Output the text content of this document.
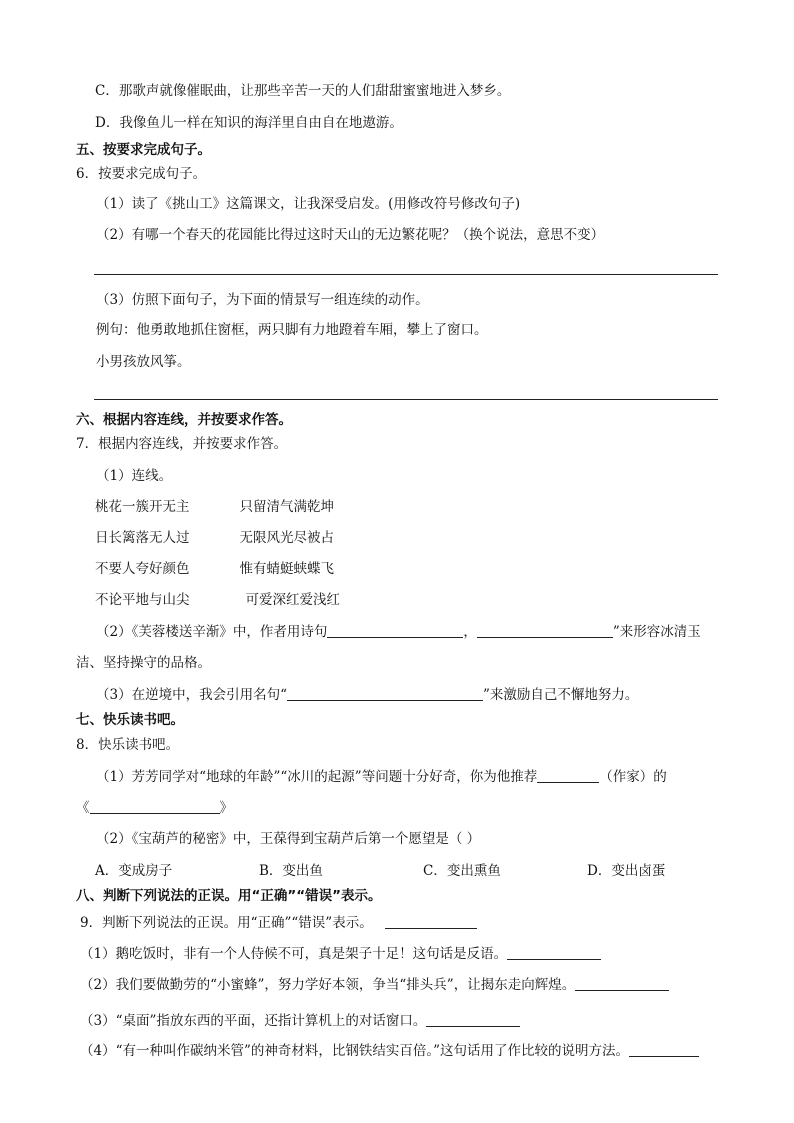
C．那歌声就像催眠曲，让那些辛苦一天的人们甜甜蜜蜜地进入梦乡。
D．我像鱼儿一样在知识的海洋里自由自在地遨游。
五、按要求完成句子。
6．按要求完成句子。
（1）读了《挑山工》这篇课文，让我深受启发。(用修改符号修改句子)
（2）有哪一个春天的花园能比得过这时天山的无边繁花呢？（换个说法，意思不变）
（3）仿照下面句子，为下面的情景写一组连续的动作。
例句：他勇敢地抓住窗框，两只脚有力地蹬着车厢，攀上了窗口。
小男孩放风筝。
六、根据内容连线，并按要求作答。
7．根据内容连线，并按要求作答。
（1）连线。
桃花一簇开无主	只留清气满乾坤
日长篱落无人过	无限风光尽被占
不要人夸好颜色	惟有蜻蜓蛱蝶飞
不论平地与山尖	可爱深红爱浅红
（2）《芙蓉楼送辛渐》中，作者用诗句	，	”来形容冰清玉
洁、坚持操守的品格。
（3）在逆境中，我会引用名句“	”来激励自己不懈地努力。
七、快乐读书吧。
8．快乐读书吧。
（1）芳芳同学对“地球的年龄”“冰川的起源”等问题十分好奇，你为他推荐	（作家）的
《	》
（2）《宝葫芦的秘密》中，王葆得到宝葫芦后第一个愿望是（ ）
A．变成房子	B．变出鱼	C．变出熏鱼	D．变出卤蛋
八、判断下列说法的正误。用“正确”“错误”表示。
9．判断下列说法的正误。用“正确”“错误”表示。
（1）鹅吃饭时，非有一个人侍候不可，真是架子十足！这句话是反语。
（2）我们要做勤劳的“小蜜蜂”，努力学好本领，争当“排头兵”，让揭东走向辉煌。
（3）“桌面”指放东西的平面，还指计算机上的对话窗口。
（4）“有一种叫作碳纳米管”的神奇材料，比钢铁结实百倍。”这句话用了作比较的说明方法。
